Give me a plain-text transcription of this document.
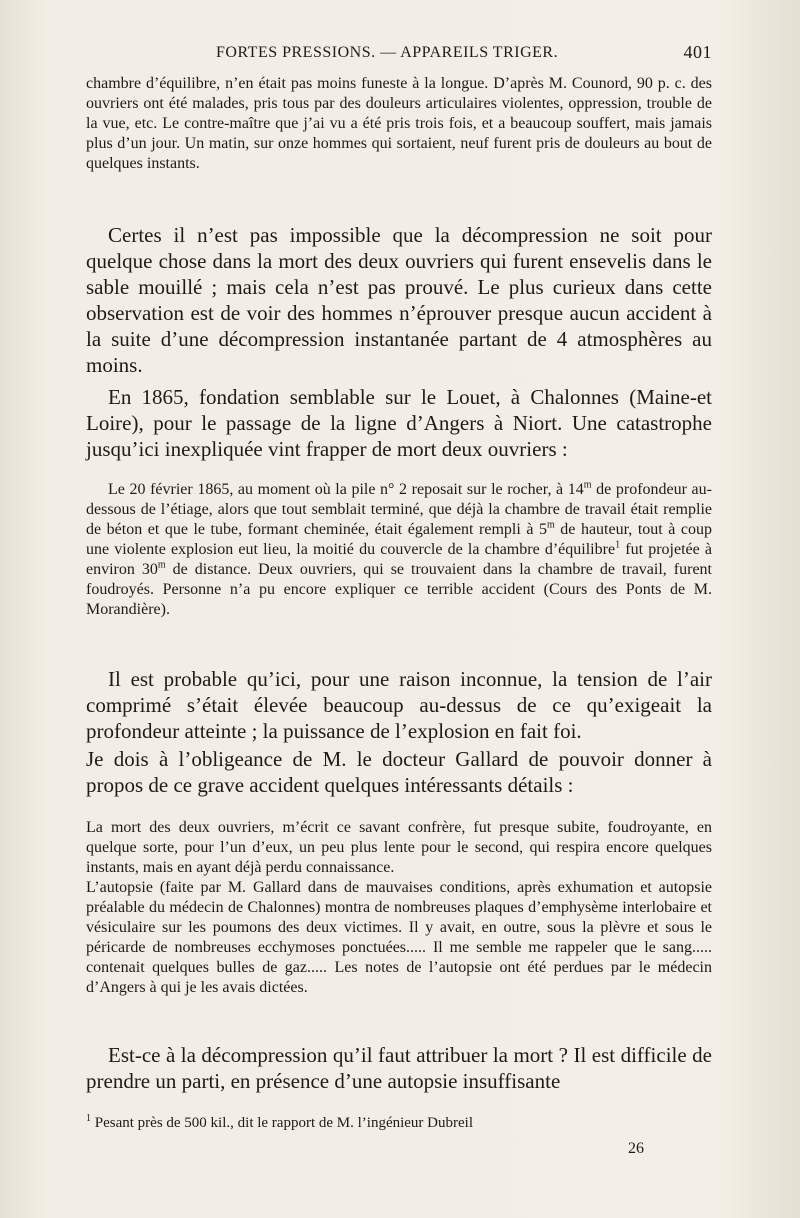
FORTES PRESSIONS. — APPAREILS TRIGER.	401

chambre d’équilibre, n’en était pas moins funeste à la longue. D’après M. Counord, 90 p. c. des ouvriers ont été malades, pris tous par des douleurs articulaires violentes, oppression, trouble de la vue, etc. Le contre-maître que j’ai vu a été pris trois fois, et a beaucoup souffert, mais jamais plus d’un jour. Un matin, sur onze hommes qui sortaient, neuf furent pris de douleurs au bout de quelques instants.

Certes il n’est pas impossible que la décompression ne soit pour quelque chose dans la mort des deux ouvriers qui furent ensevelis dans le sable mouillé ; mais cela n’est pas prouvé. Le plus curieux dans cette observation est de voir des hommes n’éprouver presque aucun accident à la suite d’une décompression instantanée partant de 4 atmosphères au moins.

En 1865, fondation semblable sur le Louet, à Chalonnes (Maine-et Loire), pour le passage de la ligne d’Angers à Niort. Une catastrophe jusqu’ici inexpliquée vint frapper de mort deux ouvriers :

Le 20 février 1865, au moment où la pile n° 2 reposait sur le rocher, à 14$^m$ de profondeur au-dessous de l’étiage, alors que tout semblait terminé, que déjà la chambre de travail était remplie de béton et que le tube, formant cheminée, était également rempli à 5$^m$ de hauteur, tout à coup une violente explosion eut lieu, la moitié du couvercle de la chambre d’équilibre$^1$ fut projetée à environ 30$^m$ de distance. Deux ouvriers, qui se trouvaient dans la chambre de travail, furent foudroyés. Personne n’a pu encore expliquer ce terrible accident (Cours des Ponts de M. Morandière).

Il est probable qu’ici, pour une raison inconnue, la tension de l’air comprimé s’était élevée beaucoup au-dessus de ce qu’exigeait la profondeur atteinte ; la puissance de l’explosion en fait foi.

Je dois à l’obligeance de M. le docteur Gallard de pouvoir donner à propos de ce grave accident quelques intéressants détails :

La mort des deux ouvriers, m’écrit ce savant confrère, fut presque subite, foudroyante, en quelque sorte, pour l’un d’eux, un peu plus lente pour le second, qui respira encore quelques instants, mais en ayant déjà perdu connaissance.

L’autopsie (faite par M. Gallard dans de mauvaises conditions, après exhumation et autopsie préalable du médecin de Chalonnes) montra de nombreuses plaques d’emphysème interlobaire et vésiculaire sur les poumons des deux victimes. Il y avait, en outre, sous la plèvre et sous le péricarde de nombreuses ecchymoses ponctuées..... Il me semble me rappeler que le sang..... contenait quelques bulles de gaz..... Les notes de l’autopsie ont été perdues par le médecin d’Angers à qui je les avais dictées.

Est-ce à la décompression qu’il faut attribuer la mort ? Il est difficile de prendre un parti, en présence d’une autopsie insuffisante

$^1$ Pesant près de 500 kil., dit le rapport de M. l’ingénieur Dubreil
26
